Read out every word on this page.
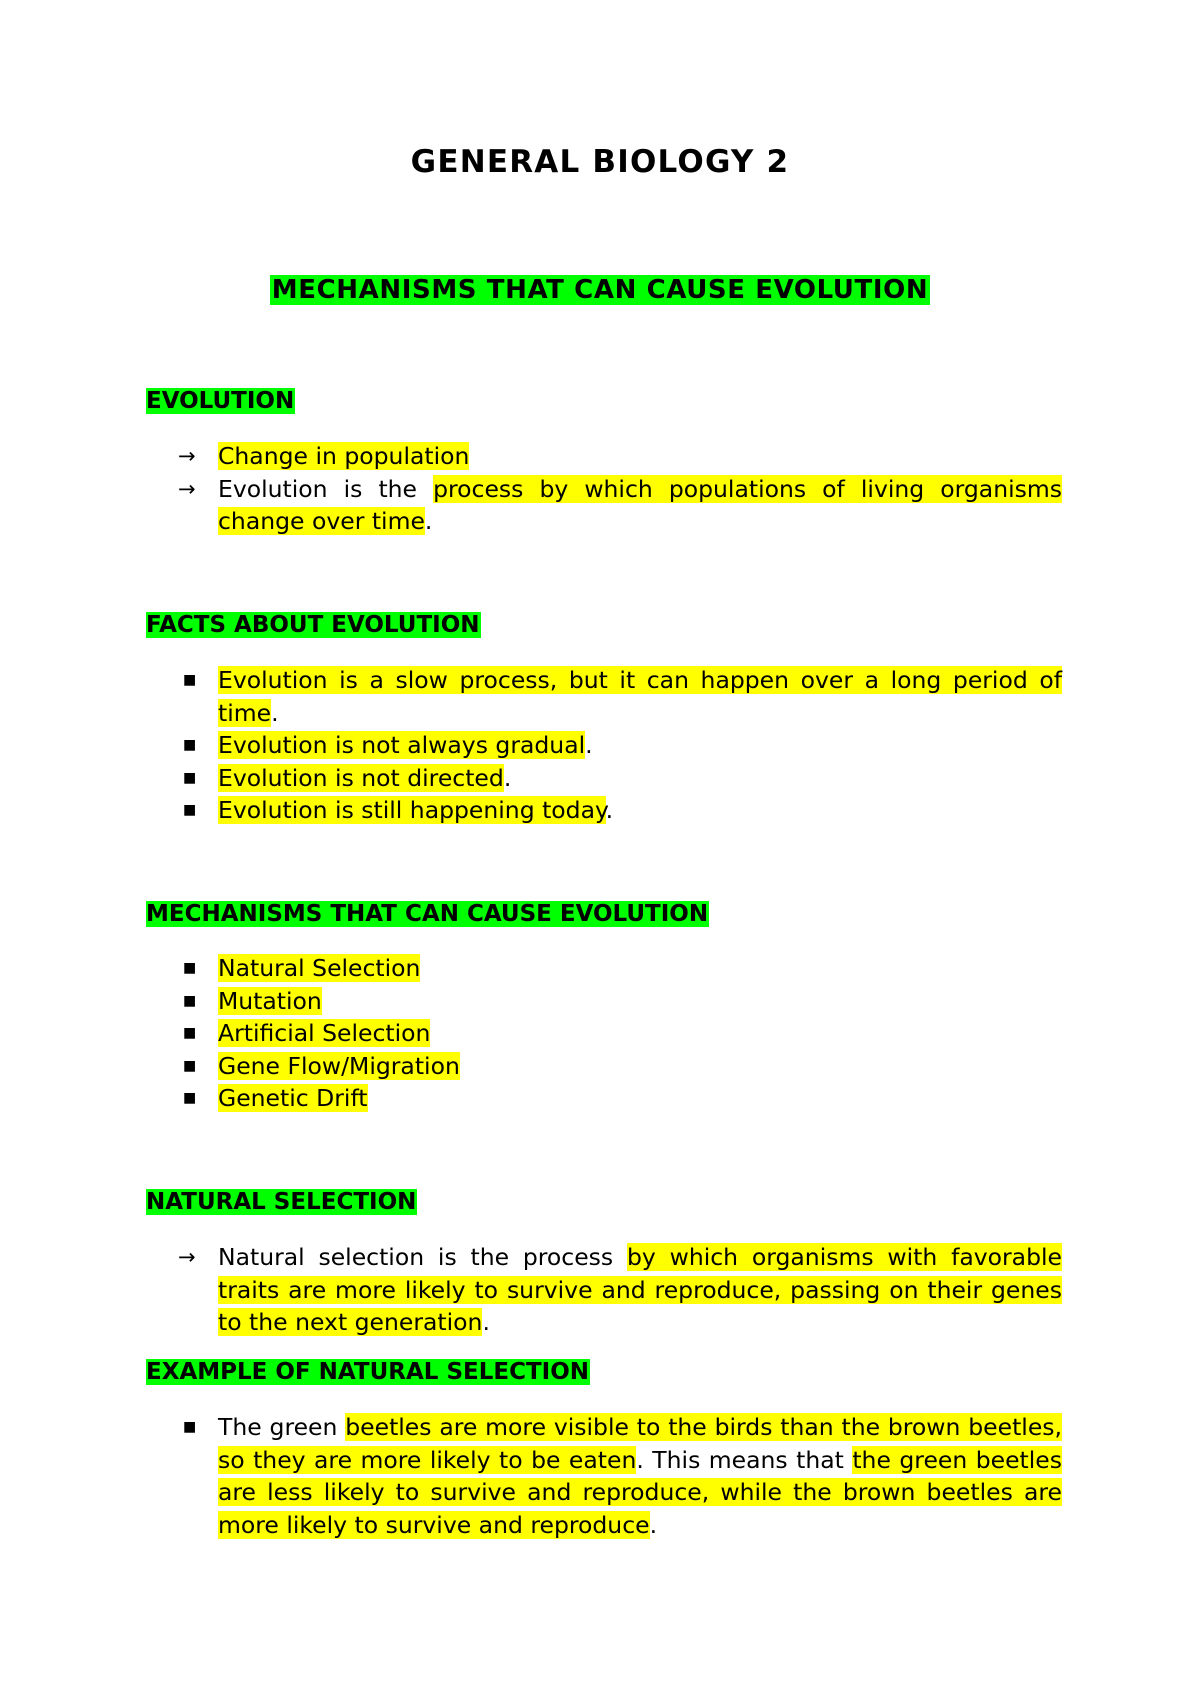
GENERAL BIOLOGY 2
MECHANISMS THAT CAN CAUSE EVOLUTION
EVOLUTION
→ Change in population
→ Evolution is the process by which populations of living organisms change over time.
FACTS ABOUT EVOLUTION
■ Evolution is a slow process, but it can happen over a long period of time.
■ Evolution is not always gradual.
■ Evolution is not directed.
■ Evolution is still happening today.
MECHANISMS THAT CAN CAUSE EVOLUTION
■ Natural Selection
■ Mutation
■ Artificial Selection
■ Gene Flow/Migration
■ Genetic Drift
NATURAL SELECTION
→ Natural selection is the process by which organisms with favorable traits are more likely to survive and reproduce, passing on their genes to the next generation.
EXAMPLE OF NATURAL SELECTION
■ The green beetles are more visible to the birds than the brown beetles, so they are more likely to be eaten. This means that the green beetles are less likely to survive and reproduce, while the brown beetles are more likely to survive and reproduce.
